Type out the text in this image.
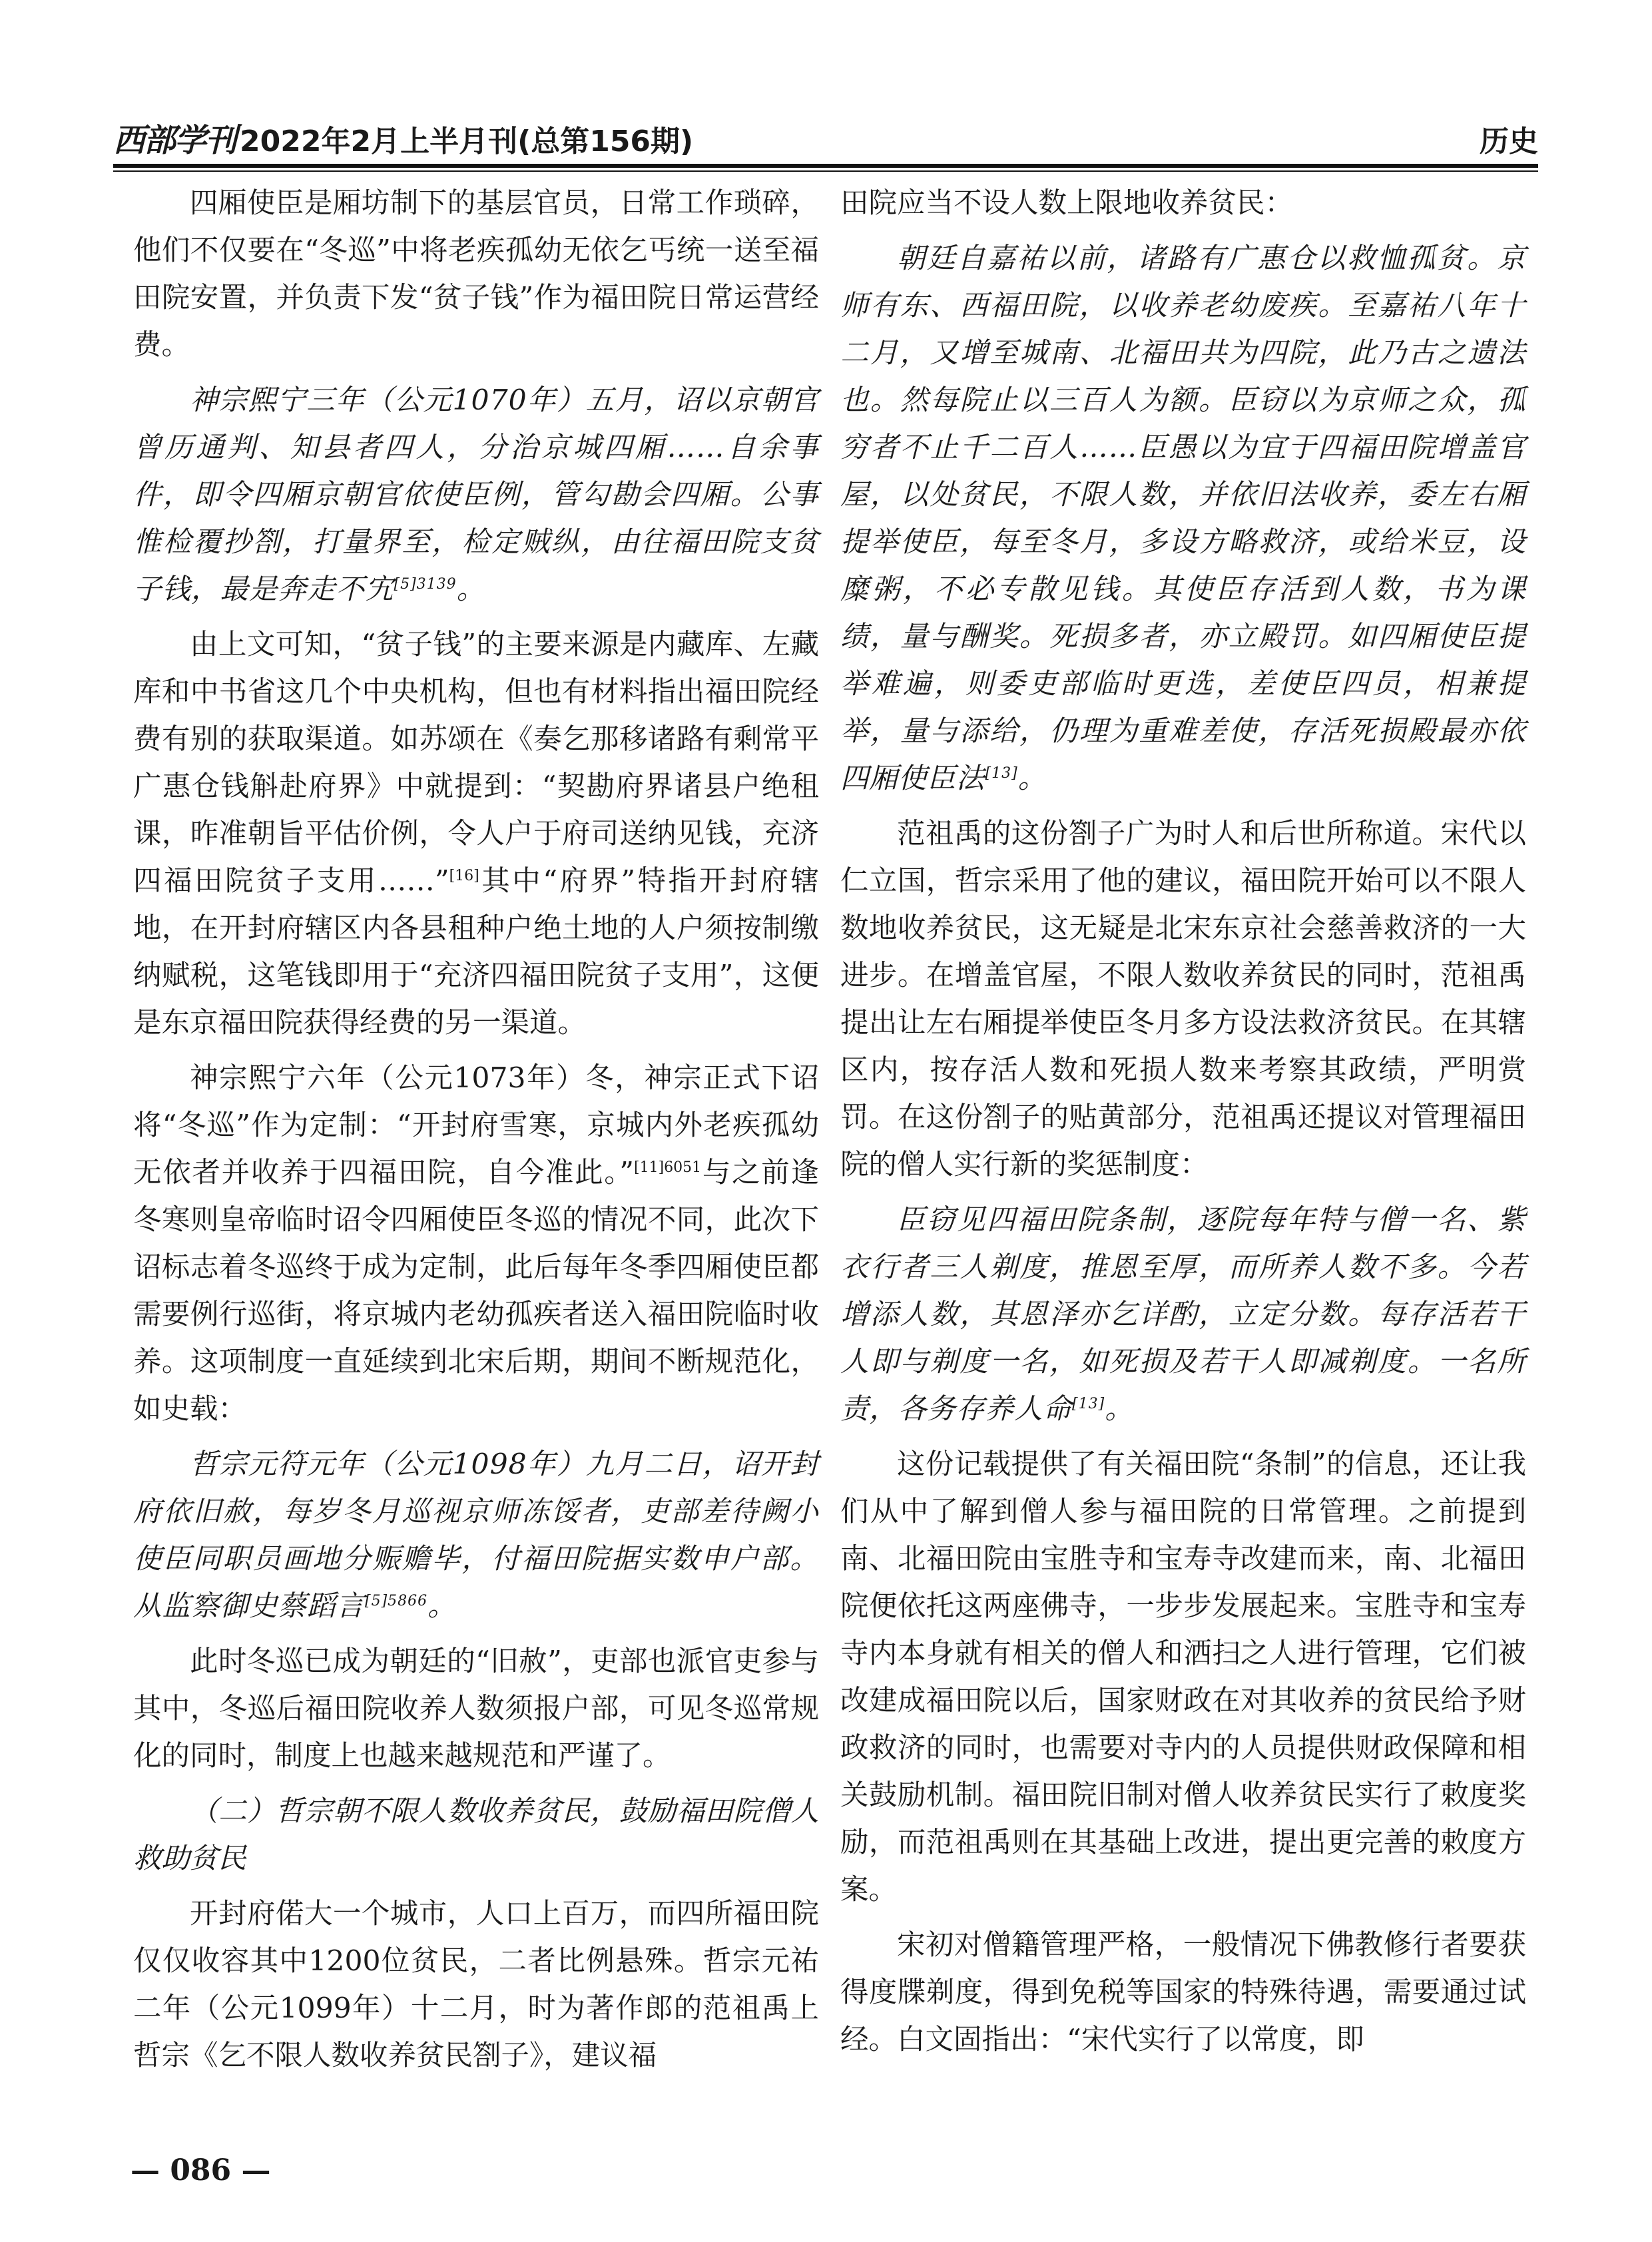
西部学刊 2022年2月上半月刊(总第156期)	历史

四厢使臣是厢坊制下的基层官员，日常工作琐碎，他们不仅要在“冬巡”中将老疾孤幼无依乞丐统一送至福田院安置，并负责下发“贫子钱”作为福田院日常运营经费。

神宗熙宁三年（公元1070年）五月，诏以京朝官曾历通判、知县者四人，分治京城四厢……自余事件，即令四厢京朝官依使臣例，管勾勘会四厢。公事惟检覆抄劄，打量界至，检定贼纵，由往福田院支贫子钱，最是奔走不宄$^{[5]3139}$。

由上文可知，“贫子钱”的主要来源是内藏库、左藏库和中书省这几个中央机构，但也有材料指出福田院经费有别的获取渠道。如苏颂在《奏乞那移诸路有剩常平广惠仓钱斛赴府界》中就提到：“契勘府界诸县户绝租课，昨准朝旨平估价例，令人户于府司送纳见钱，充济四福田院贫子支用……”[16]其中“府界”特指开封府辖地，在开封府辖区内各县租种户绝土地的人户须按制缴纳赋税，这笔钱即用于“充济四福田院贫子支用”，这便是东京福田院获得经费的另一渠道。

神宗熙宁六年（公元1073年）冬，神宗正式下诏将“冬巡”作为定制：“开封府雪寒，京城内外老疾孤幼无依者并收养于四福田院，自今准此。”$^{[11]6051}$与之前逢冬寒则皇帝临时诏令四厢使臣冬巡的情况不同，此次下诏标志着冬巡终于成为定制，此后每年冬季四厢使臣都需要例行巡街，将京城内老幼孤疾者送入福田院临时收养。这项制度一直延续到北宋后期，期间不断规范化，如史载：

哲宗元符元年（公元1098年）九月二日，诏开封府依旧赦，每岁冬月巡视京师冻馁者，吏部差待阙小使臣同职员画地分赈赡毕，付福田院据实数申户部。从监察御史蔡蹈言$^{[5]5866}$。

此时冬巡已成为朝廷的“旧赦”，吏部也派官吏参与其中，冬巡后福田院收养人数须报户部，可见冬巡常规化的同时，制度上也越来越规范和严谨了。

（二）哲宗朝不限人数收养贫民，鼓励福田院僧人救助贫民

开封府偌大一个城市，人口上百万，而四所福田院仅仅收容其中1200位贫民，二者比例悬殊。哲宗元祐二年（公元1099年）十二月，时为著作郎的范祖禹上哲宗《乞不限人数收养贫民劄子》，建议福

田院应当不设人数上限地收养贫民：

朝廷自嘉祐以前，诸路有广惠仓以救恤孤贫。京师有东、西福田院，以收养老幼废疾。至嘉祐八年十二月，又增至城南、北福田共为四院，此乃古之遗法也。然每院止以三百人为额。臣窃以为京师之众，孤穷者不止千二百人……臣愚以为宜于四福田院增盖官屋，以处贫民，不限人数，并依旧法收养，委左右厢提举使臣，每至冬月，多设方略救济，或给米豆，设糜粥，不必专散见钱。其使臣存活到人数，书为课绩，量与酬奖。死损多者，亦立殿罚。如四厢使臣提举难遍，则委吏部临时更选，差使臣四员，相兼提举，量与添给，仍理为重难差使，存活死损殿最亦依四厢使臣法[13]。

范祖禹的这份劄子广为时人和后世所称道。宋代以仁立国，哲宗采用了他的建议，福田院开始可以不限人数地收养贫民，这无疑是北宋东京社会慈善救济的一大进步。在增盖官屋，不限人数收养贫民的同时，范祖禹提出让左右厢提举使臣冬月多方设法救济贫民。在其辖区内，按存活人数和死损人数来考察其政绩，严明赏罚。在这份劄子的贴黄部分，范祖禹还提议对管理福田院的僧人实行新的奖惩制度：

臣窃见四福田院条制，逐院每年特与僧一名、紫衣行者三人剃度，推恩至厚，而所养人数不多。今若增添人数，其恩泽亦乞详酌，立定分数。每存活若干人即与剃度一名，如死损及若干人即减剃度。一名所责，各务存养人命[13]。

这份记载提供了有关福田院“条制”的信息，还让我们从中了解到僧人参与福田院的日常管理。之前提到南、北福田院由宝胜寺和宝寿寺改建而来，南、北福田院便依托这两座佛寺，一步步发展起来。宝胜寺和宝寿寺内本身就有相关的僧人和洒扫之人进行管理，它们被改建成福田院以后，国家财政在对其收养的贫民给予财政救济的同时，也需要对寺内的人员提供财政保障和相关鼓励机制。福田院旧制对僧人收养贫民实行了敕度奖励，而范祖禹则在其基础上改进，提出更完善的敕度方案。

宋初对僧籍管理严格，一般情况下佛教修行者要获得度牒剃度，得到免税等国家的特殊待遇，需要通过试经。白文固指出：“宋代实行了以常度，即

— 086 —
